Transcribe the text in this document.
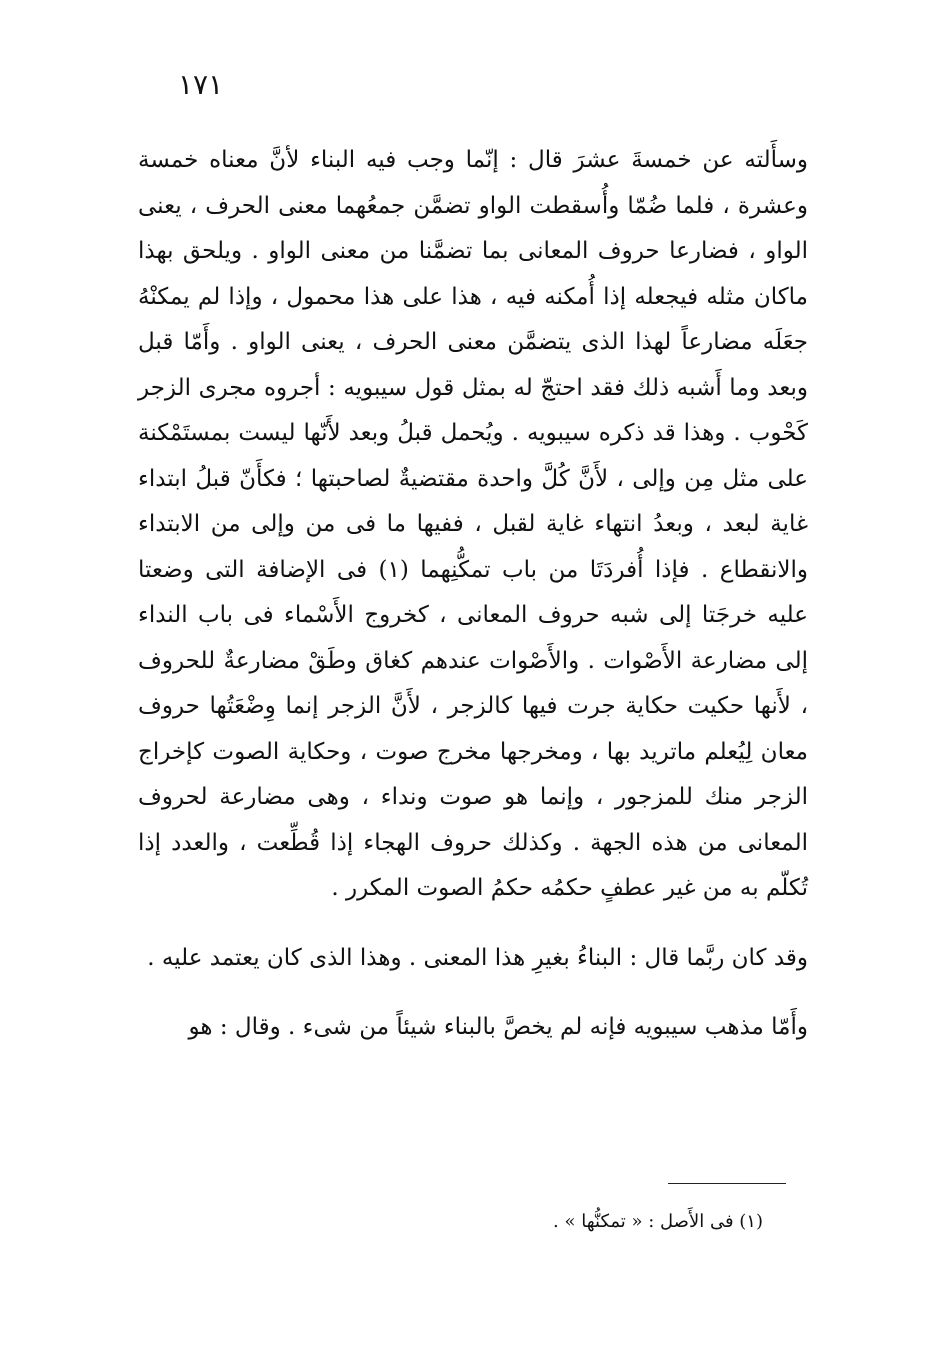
١٧١

وسأَلته عن خمسةَ عشرَ قال : إنّما وجب فيه البناء لأنَّ معناه خمسة وعشرة ، فلما ضُمّا وأُسقطت الواو تضمَّن جمعُهما معنى الحرف ، يعنى الواو ، فضارعا حروف المعانى بما تضمَّنا من معنى الواو . ويلحق بهذا ماكان مثله فيجعله إذا أُمكنه فيه ، هذا على هذا محمول ، وإذا لم يمكنْهُ جعَلَه مضارعاً لهذا الذى يتضمَّن معنى الحرف ، يعنى الواو . وأَمّا قبل وبعد وما أَشبه ذلك فقد احتجّ له بمثل قول سيبويه : أجروه مجرى الزجر كَحْوب . وهذا قد ذكره سيبويه . ويُحمل قبلُ وبعد لأَنّها ليست بمستَمْكنة على مثل مِن وإلى ، لأَنَّ كُلَّ واحدة مقتضيةٌ لصاحبتها ؛ فكأَنّ قبلُ ابتداء غاية لبعد ، وبعدُ انتهاء غاية لقبل ، ففيها ما فى من وإلى من الابتداء والانقطاع . فإذا أُفردَتَا من باب تمكُّنِهما (١) فى الإضافة التى وضعتا عليه خرجَتا إلى شبه حروف المعانى ، كخروج الأَسْماء فى باب النداء إلى مضارعة الأَصْوات . والأَصْوات عندهم كغاق وطَقْ مضارعةٌ للحروف ، لأَنها حكيت حكاية جرت فيها كالزجر ، لأَنَّ الزجر إنما وِضْعَتُها حروف معان لِيُعلم ماتريد بها ، ومخرجها مخرج صوت ، وحكاية الصوت كإخراج الزجر منك للمزجور ، وإنما هو صوت ونداء ، وهى مضارعة لحروف المعانى من هذه الجهة . وكذلك حروف الهجاء إذا قُطِّعت ، والعدد إذا تُكلّم به من غير عطفٍ حكمُه حكمُ الصوت المكرر .

وقد كان ربَّما قال : البناءُ بغيرِ هذا المعنى . وهذا الذى كان يعتمد عليه .

وأَمّا مذهب سيبويه فإنه لم يخصَّ بالبناء شيئاً من شىء . وقال : هو

(١) فى الأَصل : « تمكنُّها » .
